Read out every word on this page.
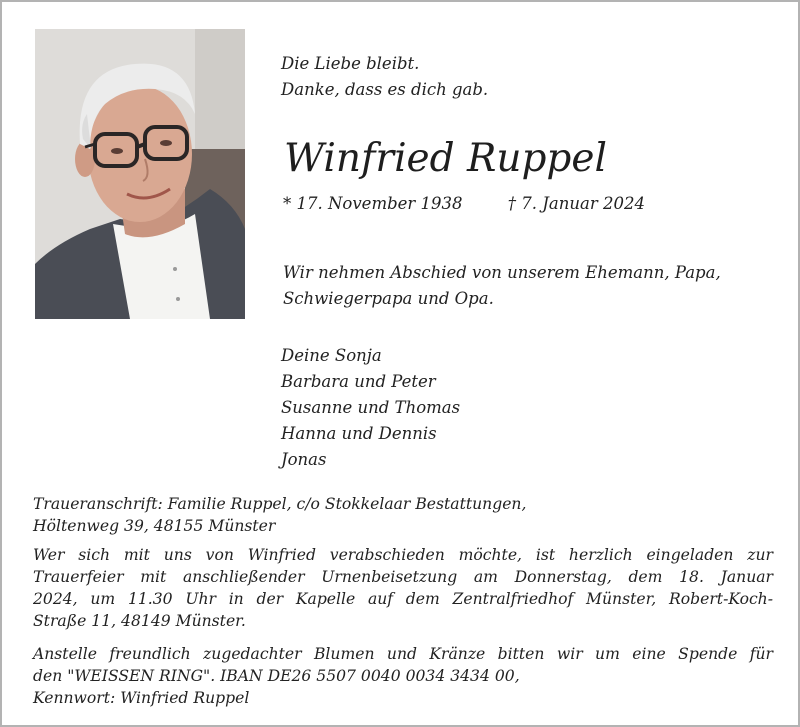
Die Liebe bleibt.
Danke, dass es dich gab.
Winfried Ruppel
* 17. November 1938	† 7. Januar 2024
Wir nehmen Abschied von unserem Ehemann, Papa,
Schwiegerpapa und Opa.
Deine Sonja
Barbara und Peter
Susanne und Thomas
Hanna und Dennis
Jonas
Traueranschrift: Familie Ruppel, c/o Stokkelaar Bestattungen,
Höltenweg 39, 48155 Münster
Wer sich mit uns von Winfried verabschieden möchte, ist herzlich eingeladen zur
Trauerfeier mit anschließender Urnenbeisetzung am Donnerstag, dem 18. Januar
2024, um 11.30 Uhr in der Kapelle auf dem Zentralfriedhof Münster, Robert-Koch-
Straße 11, 48149 Münster.
Anstelle freundlich zugedachter Blumen und Kränze bitten wir um eine Spende für
den "WEISSEN RING". IBAN DE26 5507 0040 0034 3434 00,
Kennwort: Winfried Ruppel
